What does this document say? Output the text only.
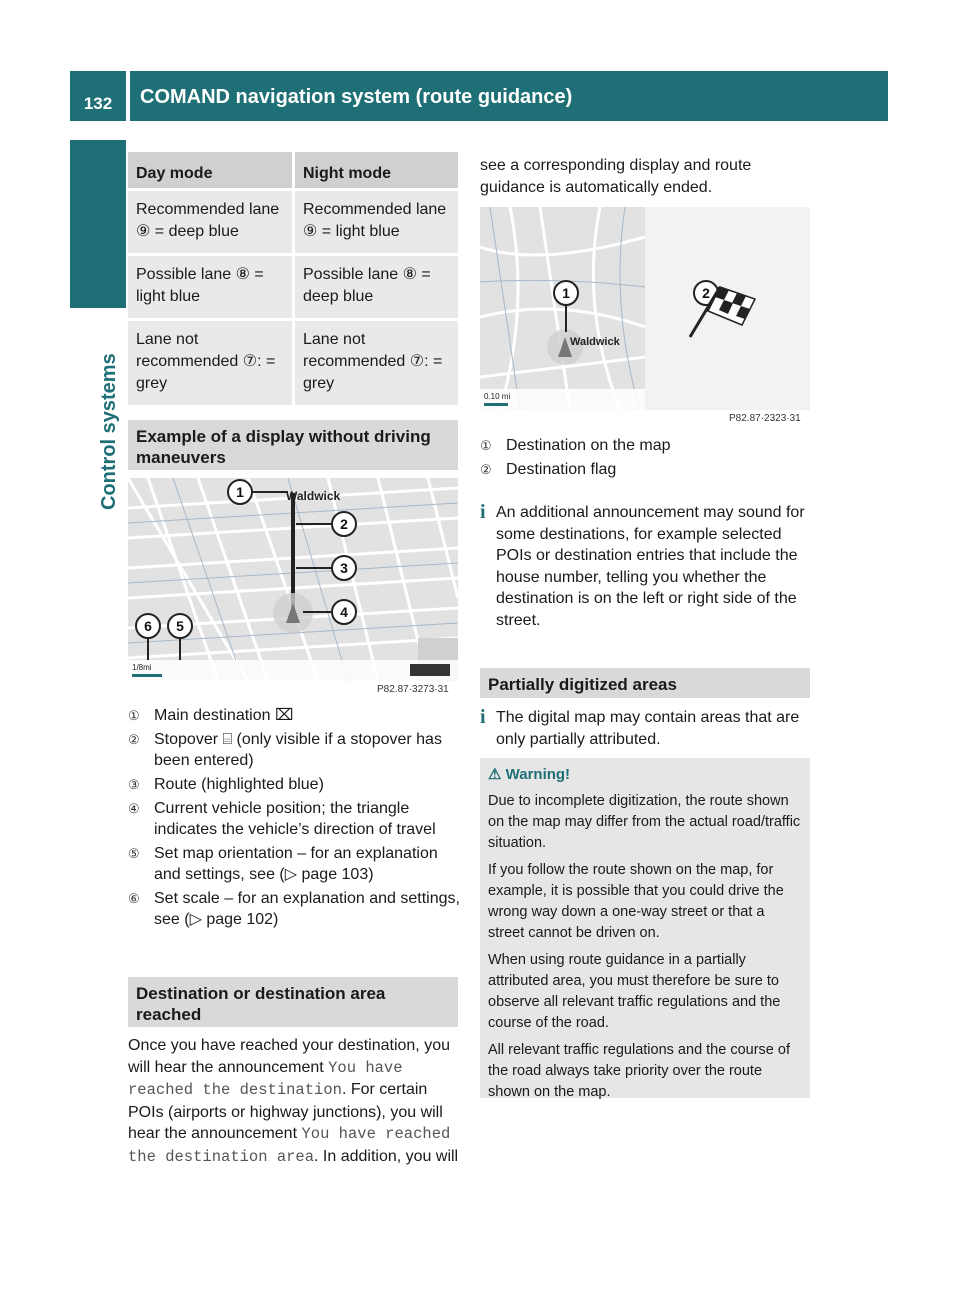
132	COMAND navigation system (route guidance)
Control systems
Day mode	Night mode
Recommended lane ⑨ = deep blue	Recommended lane ⑨ = light blue
Possible lane ⑧ = light blue	Possible lane ⑧ = deep blue
Lane not recommended ⑦: = grey	Lane not recommended ⑦: = grey
Example of a display without driving maneuvers
1
2
3
4
5
6
Waldwick
1/8mi
P82.87·3273·31
① Main destination ⌧
② Stopover ⌸ (only visible if a stopover has been entered)
③ Route (highlighted blue)
④ Current vehicle position; the triangle indicates the vehicle’s direction of travel
⑤ Set map orientation – for an explanation and settings, see (▷ page 103)
⑥ Set scale – for an explanation and settings, see (▷ page 102)
Destination or destination area reached

Once you have reached your destination, you will hear the announcement You have reached the destination. For certain POIs (airports or highway junctions), you will hear the announcement You have reached the destination area. In addition, you will

see a corresponding display and route guidance is automatically ended.

1
Waldwick
0.10 mi
2
P82.87·2323·31
① Destination on the map
② Destination flag
i An additional announcement may sound for some destinations, for example selected POIs or destination entries that include the house number, telling you whether the destination is on the left or right side of the street.
Partially digitized areas
i The digital map may contain areas that are only partially attributed.

⚠ Warning!

Due to incomplete digitization, the route shown on the map may differ from the actual road/traffic situation.

If you follow the route shown on the map, for example, it is possible that you could drive the wrong way down a one-way street or that a street cannot be driven on.

When using route guidance in a partially attributed area, you must therefore be sure to observe all relevant traffic regulations and the course of the road.

All relevant traffic regulations and the course of the road always take priority over the route shown on the map.
